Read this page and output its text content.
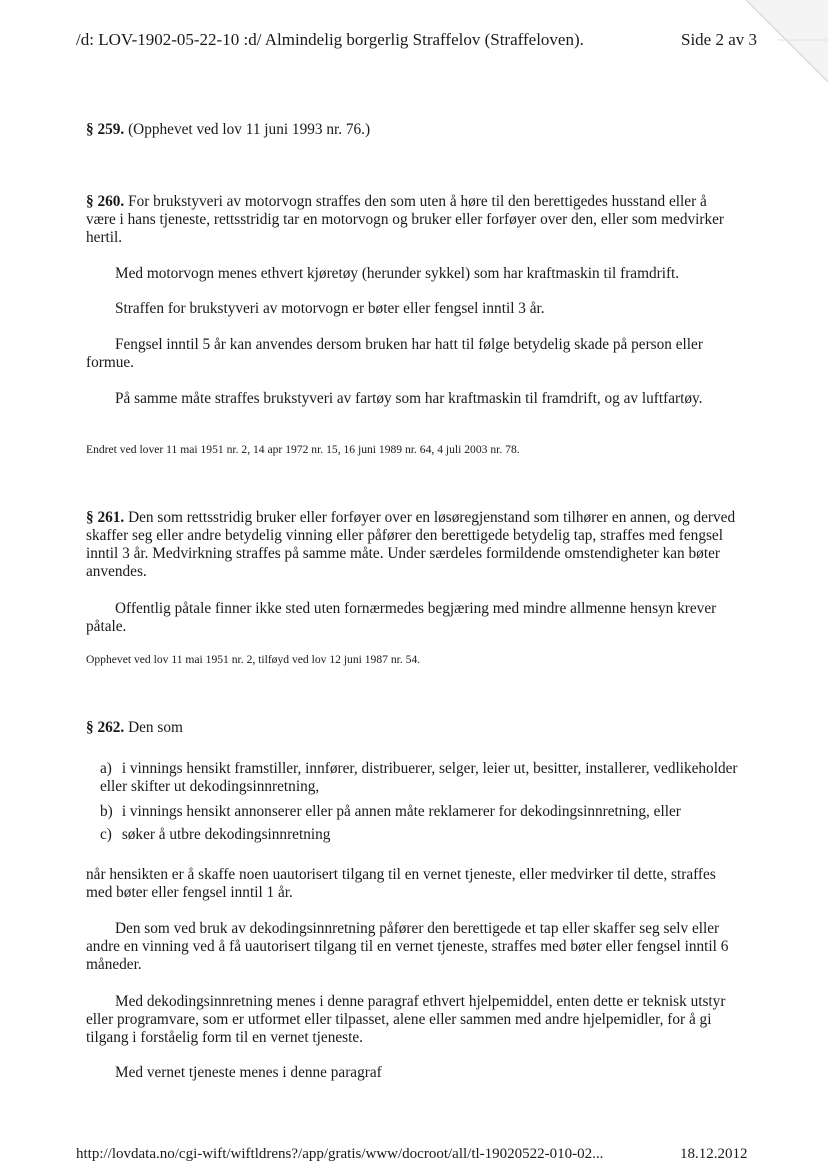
/d: LOV-1902-05-22-10 :d/ Almindelig borgerlig Straffelov (Straffeloven).	Side 2 av 3
§ 259. (Opphevet ved lov 11 juni 1993 nr. 76.)
§ 260. For brukstyveri av motorvogn straffes den som uten å høre til den berettigedes husstand eller å være i hans tjeneste, rettsstridig tar en motorvogn og bruker eller forføyer over den, eller som medvirker hertil.
Med motorvogn menes ethvert kjøretøy (herunder sykkel) som har kraftmaskin til framdrift.
Straffen for brukstyveri av motorvogn er bøter eller fengsel inntil 3 år.
Fengsel inntil 5 år kan anvendes dersom bruken har hatt til følge betydelig skade på person eller formue.
På samme måte straffes brukstyveri av fartøy som har kraftmaskin til framdrift, og av luftfartøy.
Endret ved lover 11 mai 1951 nr. 2, 14 apr 1972 nr. 15, 16 juni 1989 nr. 64, 4 juli 2003 nr. 78.
§ 261. Den som rettsstridig bruker eller forføyer over en løsøregjenstand som tilhører en annen, og derved skaffer seg eller andre betydelig vinning eller påfører den berettigede betydelig tap, straffes med fengsel inntil 3 år. Medvirkning straffes på samme måte. Under særdeles formildende omstendigheter kan bøter anvendes.
Offentlig påtale finner ikke sted uten fornærmedes begjæring med mindre allmenne hensyn krever påtale.
Opphevet ved lov 11 mai 1951 nr. 2, tilføyd ved lov 12 juni 1987 nr. 54.
§ 262. Den som
a) i vinnings hensikt framstiller, innfører, distribuerer, selger, leier ut, besitter, installerer, vedlikeholder eller skifter ut dekodingsinnretning,
b) i vinnings hensikt annonserer eller på annen måte reklamerer for dekodingsinnretning, eller
c) søker å utbre dekodingsinnretning
når hensikten er å skaffe noen uautorisert tilgang til en vernet tjeneste, eller medvirker til dette, straffes med bøter eller fengsel inntil 1 år.
Den som ved bruk av dekodingsinnretning påfører den berettigede et tap eller skaffer seg selv eller andre en vinning ved å få uautorisert tilgang til en vernet tjeneste, straffes med bøter eller fengsel inntil 6 måneder.
Med dekodingsinnretning menes i denne paragraf ethvert hjelpemiddel, enten dette er teknisk utstyr eller programvare, som er utformet eller tilpasset, alene eller sammen med andre hjelpemidler, for å gi tilgang i forståelig form til en vernet tjeneste.
Med vernet tjeneste menes i denne paragraf
http://lovdata.no/cgi-wift/wiftldrens?/app/gratis/www/docroot/all/tl-19020522-010-02...	18.12.2012
